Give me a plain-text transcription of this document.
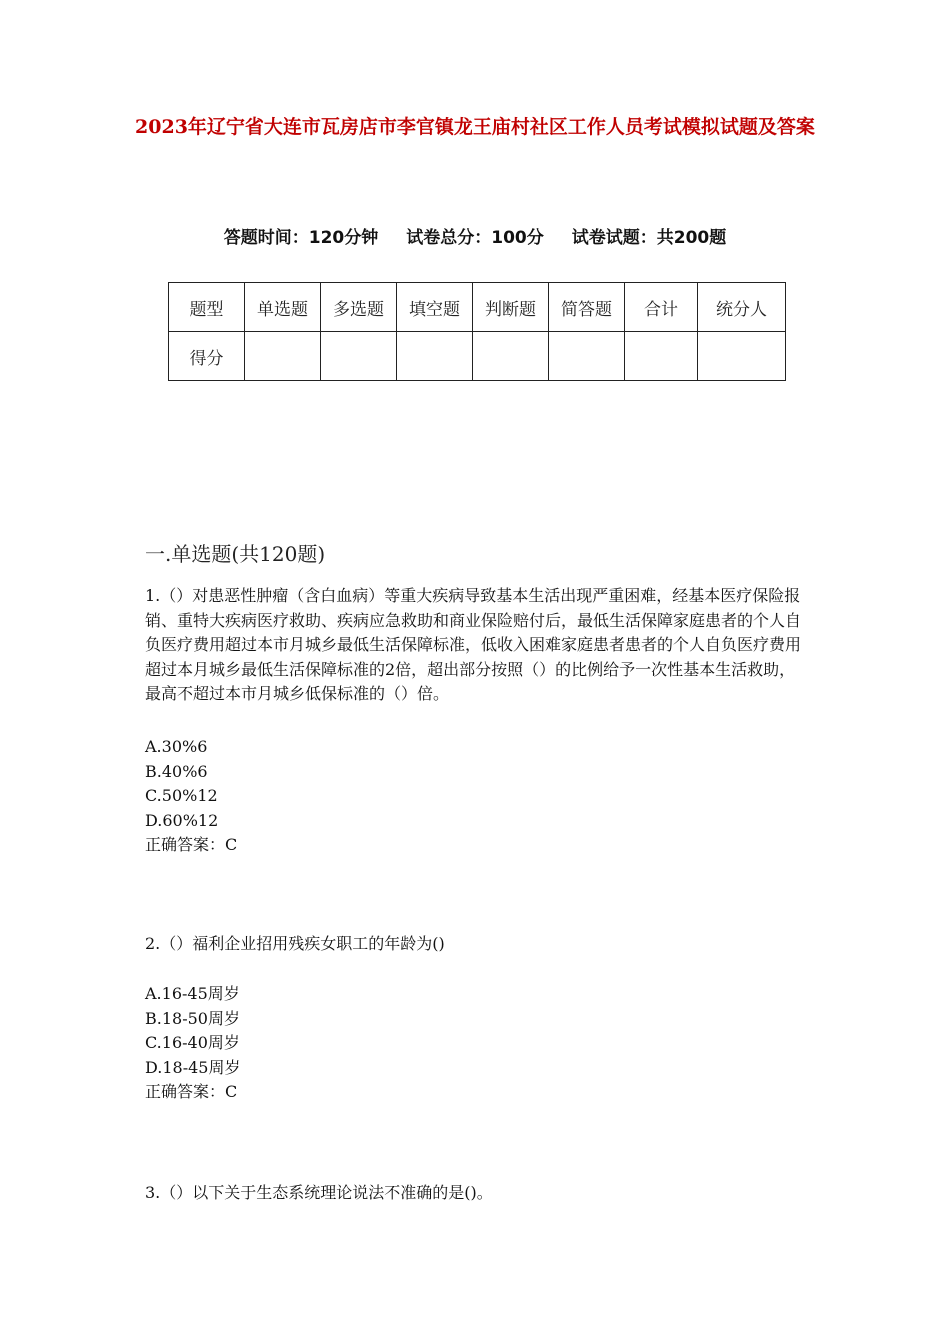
2023年辽宁省大连市瓦房店市李官镇龙王庙村社区工作人员考试模拟试题及答案
答题时间：120分钟 试卷总分：100分 试卷试题：共200题
题型	单选题	多选题	填空题	判断题	简答题	合计	统分人
得分							
一.单选题(共120题)

1.（）对患恶性肿瘤（含白血病）等重大疾病导致基本生活出现严重困难，经基本医疗保险报销、重特大疾病医疗救助、疾病应急救助和商业保险赔付后，最低生活保障家庭患者的个人自负医疗费用超过本市月城乡最低生活保障标准，低收入困难家庭患者患者的个人自负医疗费用超过本月城乡最低生活保障标准的2倍，超出部分按照（）的比例给予一次性基本生活救助，最高不超过本市月城乡低保标准的（）倍。

A.30%6
B.40%6
C.50%12
D.60%12
正确答案：C

2.（）福利企业招用残疾女职工的年龄为()

A.16-45周岁
B.18-50周岁
C.16-40周岁
D.18-45周岁
正确答案：C

3.（）以下关于生态系统理论说法不准确的是()。
